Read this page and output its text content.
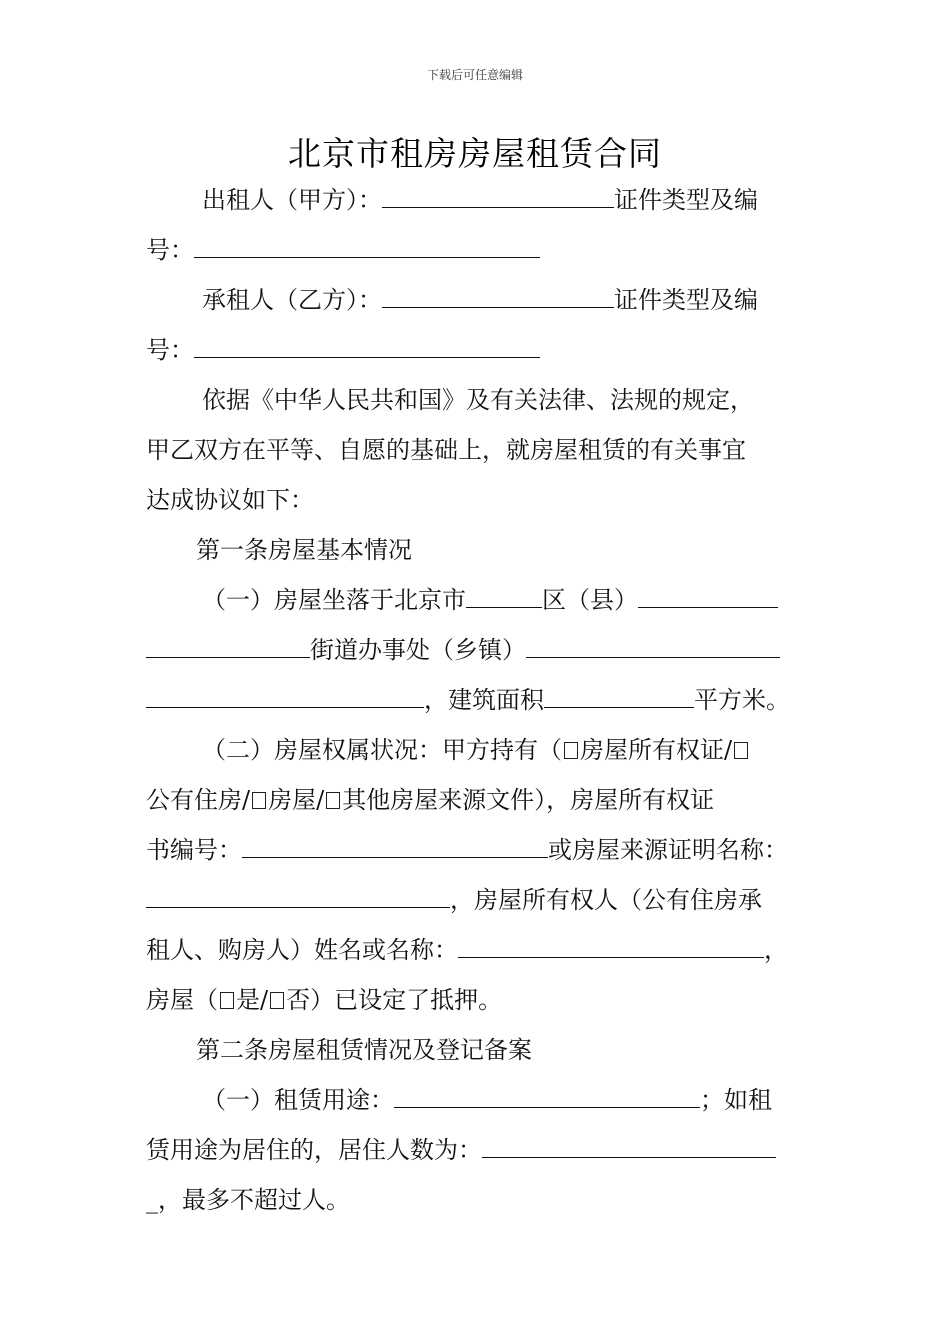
下载后可任意编辑
北京市租房房屋租赁合同
出租人（甲方）：	证件类型及编
号：
承租人（乙方）：	证件类型及编
号：
依据《中华人民共和国》及有关法律、法规的规定，
甲乙双方在平等、自愿的基础上，就房屋租赁的有关事宜
达成协议如下：
第一条房屋基本情况
（一）房屋坐落于北京市	区（县）
街道办事处（乡镇）
，建筑面积	平方米。
（二）房屋权属状况：甲方持有（ 房屋所有权证/
公有住房/ 房屋/ 其他房屋来源文件），房屋所有权证
书编号：	或房屋来源证明名称：
，房屋所有权人（公有住房承
租人、购房人）姓名或名称：	，
房屋（ 是/ 否）已设定了抵押。
第二条房屋租赁情况及登记备案
（一）租赁用途：	；如租
赁用途为居住的，居住人数为：
_，最多不超过人。
